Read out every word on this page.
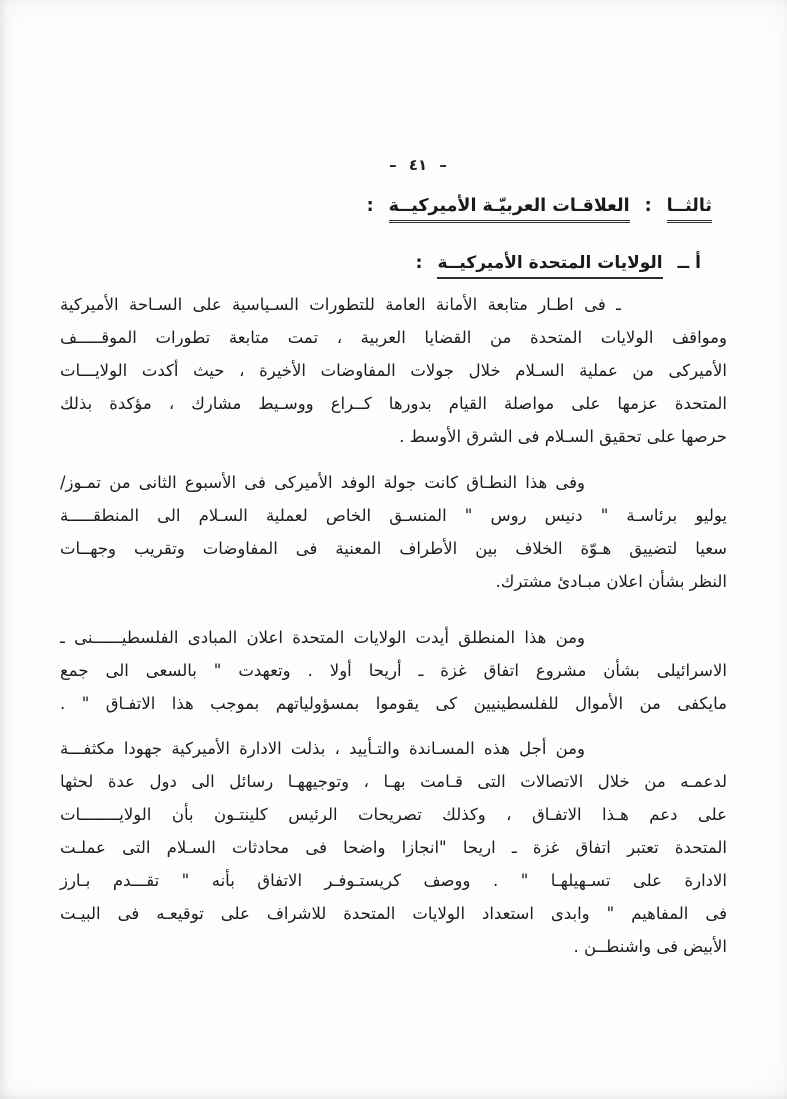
– ٤١ –
ثالثــا
:
العلاقـات العربيّـة الأميركيــة
:
أ ــ
الولايات المتحدة الأميركيــة
:
ـ فى اطـار متابعة الأمانة العامة للتطورات السـياسية على السـاحة الأميركية
ومواقف الولايات المتحدة من القضايا العربية ، تمت متابعة تطورات الموقـــــف
الأميركى من عملية السـلام خلال جولات المفاوضات الأخيرة ، حيث أكدت الولايـــات
المتحدة عزمها على مواصلة القيام بدورها كــراع ووسـيط مشارك ، مؤكدة بذلك
حرصها على تحقيق السـلام فى الشرق الأوسط .
وفى هذا النطـاق كانت جولة الوفد الأميركى فى الأسبوع الثانى من تمـوز/
يوليو برئاسـة " دنيس روس " المنسـق الخاص لعملية السـلام الى المنطقـــــة
سعيا لتضييق هـوّة الخلاف بين الأطراف المعنية فى المفاوضات وتقريب وجهــات
النظر بشأن اعلان مبـادئ مشترك.
ومن هذا المنطلق أيدت الولايات المتحدة اعلان المبادى الفلسطيــــــنى ـ
الاسرائيلى بشأن مشروع اتفاق غزة ـ أريحا أولا . وتعهدت " بالسعى الى جمع
مايكفى من الأموال للفلسطينيين كى يقوموا بمسؤولياتهم بموجب هذا الاتفـاق " .
ومن أجل هذه المسـاندة والتـأييد ، بذلت الادارة الأميركية جهودا مكثفـــة
لدعمـه من خلال الاتصالات التى قـامت بهـا ، وتوجيههـا رسائل الى دول عدة لحثها
على دعم هـذا الاتفـاق ، وكذلك تصريحات الرئيس كلينتـون بأن الولايــــــــات
المتحدة تعتبر اتفاق غزة ـ اريحا "انجازا واضحا فى محادثات السـلام التى عملـت
الادارة على تسـهيلهـا " . ووصف كريستـوفـر الاتفاق بأنه " تقـــدم بـارز
فى المفاهيم " وابدى استعداد الولايات المتحدة للاشراف على توقيعـه فى البيـت
الأبيض فى واشنطــن .
